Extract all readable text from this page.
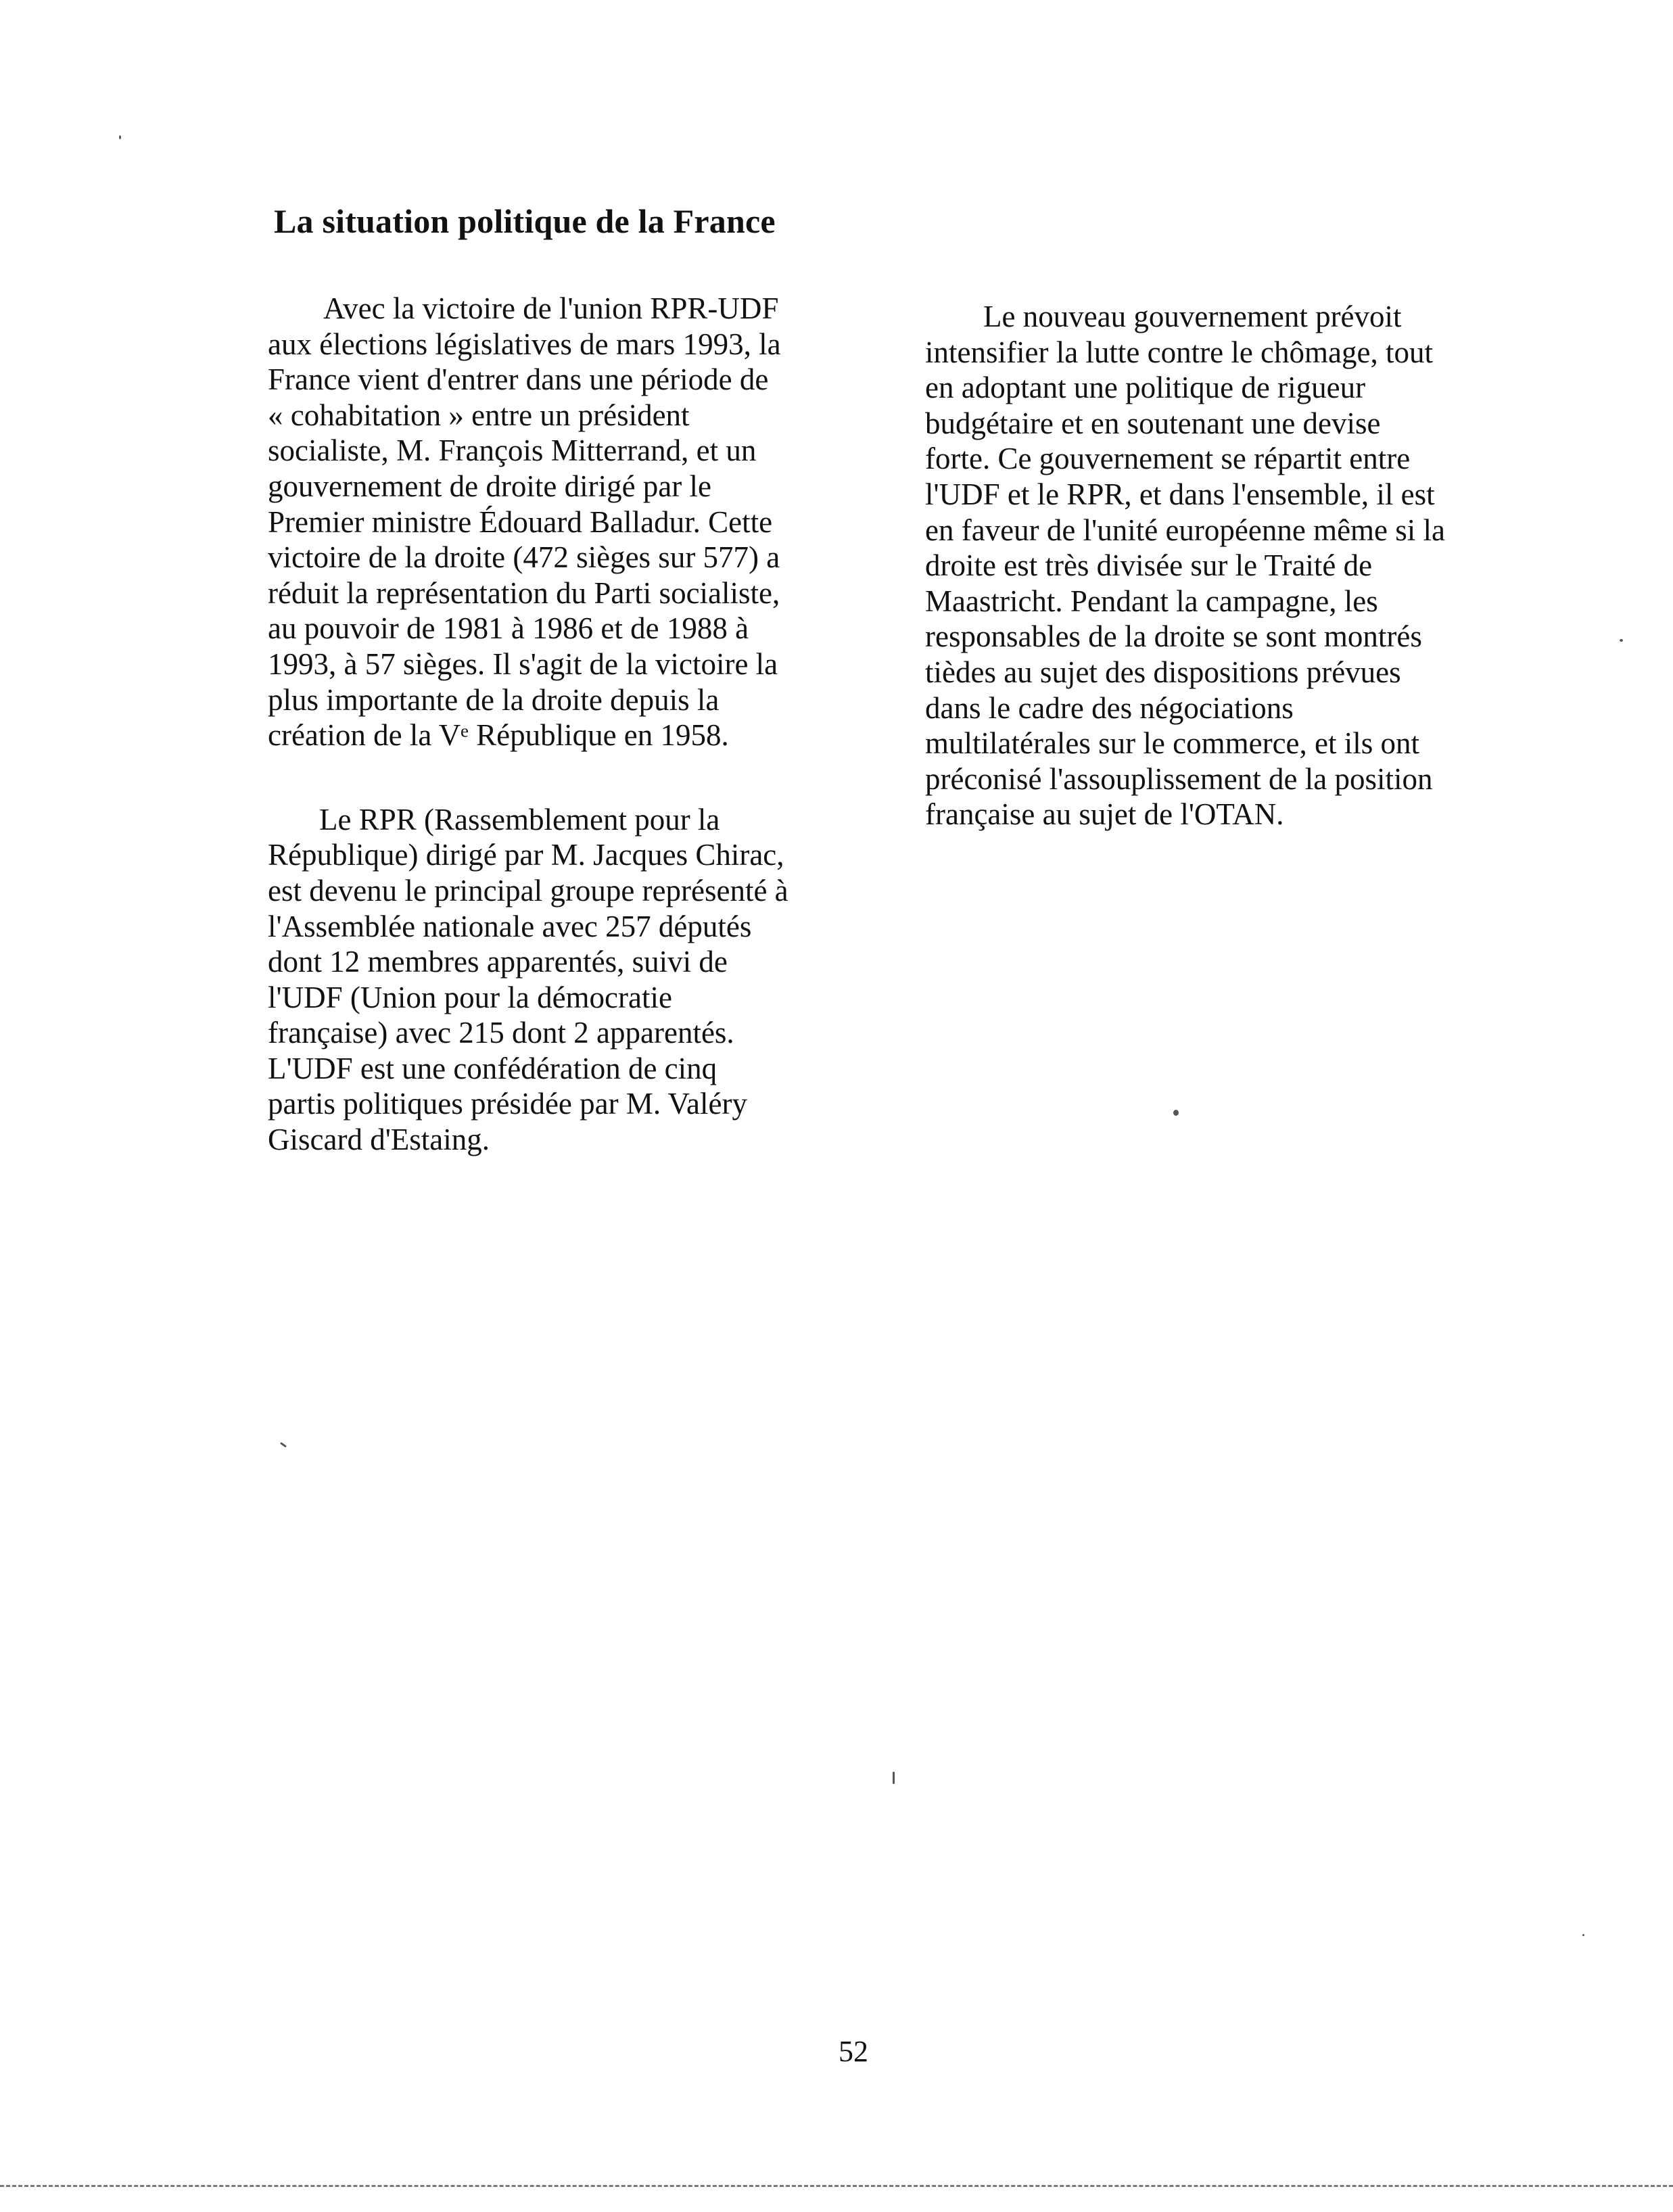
La situation politique de la France
Avec la victoire de l'union RPR-UDF
aux élections législatives de mars 1993, la
France vient d'entrer dans une période de
« cohabitation » entre un président
socialiste, M. François Mitterrand, et un
gouvernement de droite dirigé par le
Premier ministre Édouard Balladur. Cette
victoire de la droite (472 sièges sur 577) a
réduit la représentation du Parti socialiste,
au pouvoir de 1981 à 1986 et de 1988 à
1993, à 57 sièges. Il s'agit de la victoire la
plus importante de la droite depuis la
création de la Vᵉ République en 1958.
Le RPR (Rassemblement pour la
République) dirigé par M. Jacques Chirac,
est devenu le principal groupe représenté à
l'Assemblée nationale avec 257 députés
dont 12 membres apparentés, suivi de
l'UDF (Union pour la démocratie
française) avec 215 dont 2 apparentés.
L'UDF est une confédération de cinq
partis politiques présidée par M. Valéry
Giscard d'Estaing.
Le nouveau gouvernement prévoit
intensifier la lutte contre le chômage, tout
en adoptant une politique de rigueur
budgétaire et en soutenant une devise
forte. Ce gouvernement se répartit entre
l'UDF et le RPR, et dans l'ensemble, il est
en faveur de l'unité européenne même si la
droite est très divisée sur le Traité de
Maastricht. Pendant la campagne, les
responsables de la droite se sont montrés
tièdes au sujet des dispositions prévues
dans le cadre des négociations
multilatérales sur le commerce, et ils ont
préconisé l'assouplissement de la position
française au sujet de l'OTAN.
52
